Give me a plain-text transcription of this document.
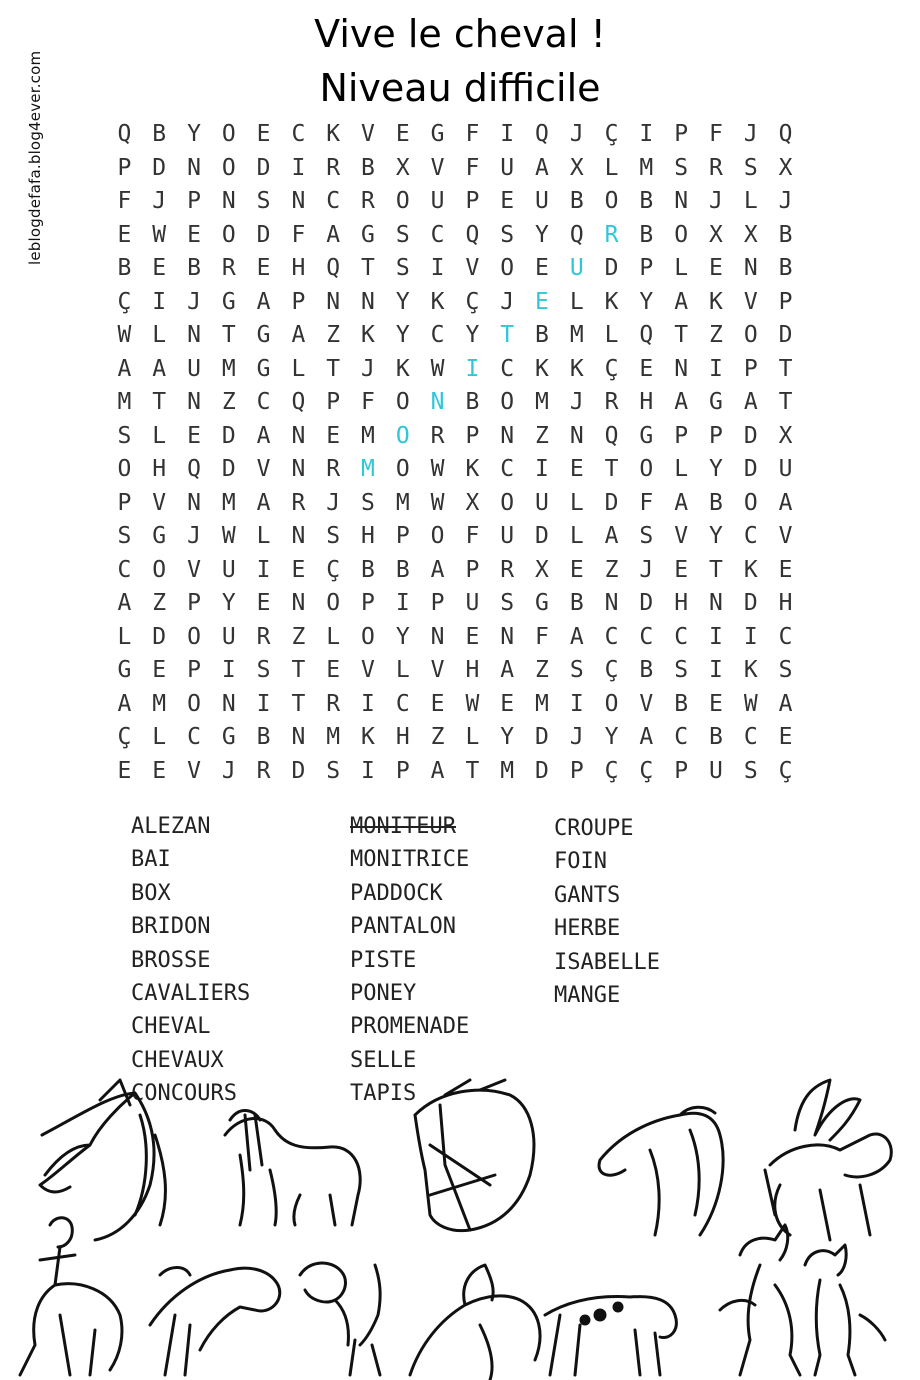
leblogdefafa.blog4ever.com
Vive le cheval !
Niveau difficile
Q B Y O E C K V E G F I Q J Ç I P F J Q
P D N O D I R B X V F U A X L M S R S X
F J P N S N C R O U P E U B O B N J L J
E W E O D F A G S C Q S Y Q R B O X X B
B E B R E H Q T S I V O E U D P L E N B
Ç I J G A P N N Y K Ç J E L K Y A K V P
W L N T G A Z K Y C Y T B M L Q T Z O D
A A U M G L T J K W I C K K Ç E N I P T
M T N Z C Q P F O N B O M J R H A G A T
S L E D A N E M O R P N Z N Q G P P D X
O H Q D V N R M O W K C I E T O L Y D U
P V N M A R J S M W X O U L D F A B O A
S G J W L N S H P O F U D L A S V Y C V
C O V U I E Ç B B A P R X E Z J E T K E
A Z P Y E N O P I P U S G B N D H N D H
L D O U R Z L O Y N E N F A C C C I I C
G E P I S T E V L V H A Z S Ç B S I K S
A M O N I T R I C E W E M I O V B E W A
Ç L C G B N M K H Z L Y D J Y A C B C E
E E V J R D S I P A T M D P Ç Ç P U S Ç
ALEZAN
BAI
BOX
BRIDON
BROSSE
CAVALIERS
CHEVAL
CHEVAUX
CONCOURS
MONITEUR
MONITRICE
PADDOCK
PANTALON
PISTE
PONEY
PROMENADE
SELLE
TAPIS
CROUPE
FOIN
GANTS
HERBE
ISABELLE
MANGE
